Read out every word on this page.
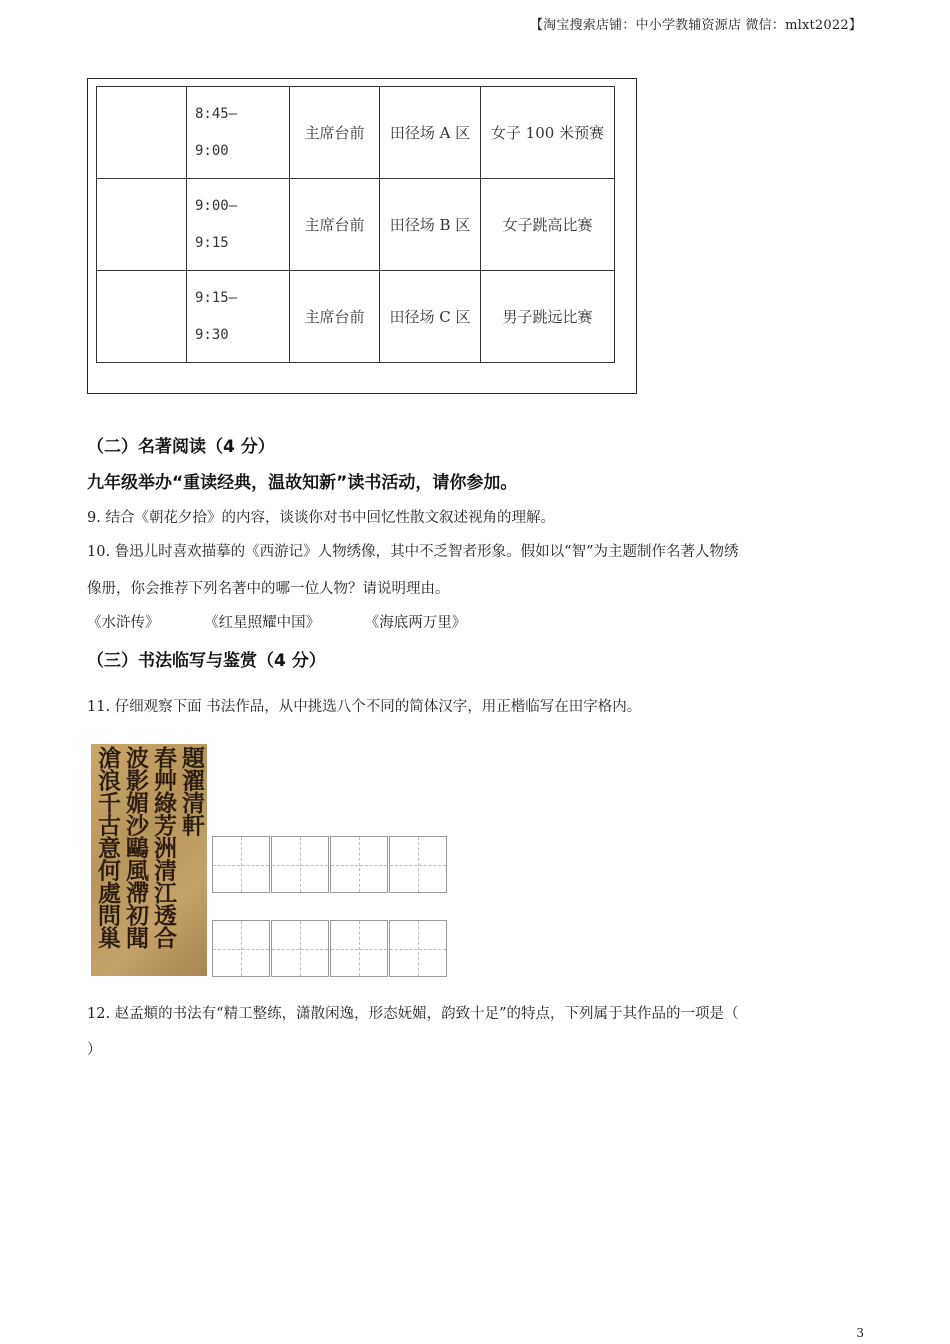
【淘宝搜索店铺：中小学教辅资源店 微信：mlxt2022】

	8:45—
9:00	主席台前	田径场 A 区	女子 100 米预赛

	9:00—
9:15	主席台前	田径场 B 区	女子跳高比赛

	9:15—
9:30	主席台前	田径场 C 区	男子跳远比赛
（二）名著阅读（4 分）
九年级举办“重读经典，温故知新”读书活动，请你参加。
9. 结合《朝花夕拾》的内容，谈谈你对书中回忆性散文叙述视角的理解。
10. 鲁迅儿时喜欢描摹的《西游记》人物绣像，其中不乏智者形象。假如以“智”为主题制作名著人物绣
像册，你会推荐下列名著中的哪一位人物？请说明理由。
《水浒传》	《红星照耀中国》	《海底两万里》
（三）书法临写与鉴赏（4 分）
11. 仔细观察下面 书法作品，从中挑选八个不同的简体汉字，用正楷临写在田字格内。
題濯清軒
春艸綠芳洲清江透合
波影媚沙鷗風滯初聞
滄浪千古意何處問巢
12. 赵孟頫的书法有“精工整练，潇散闲逸，形态妩媚，韵致十足”的特点，下列属于其作品的一项是（
）
3
